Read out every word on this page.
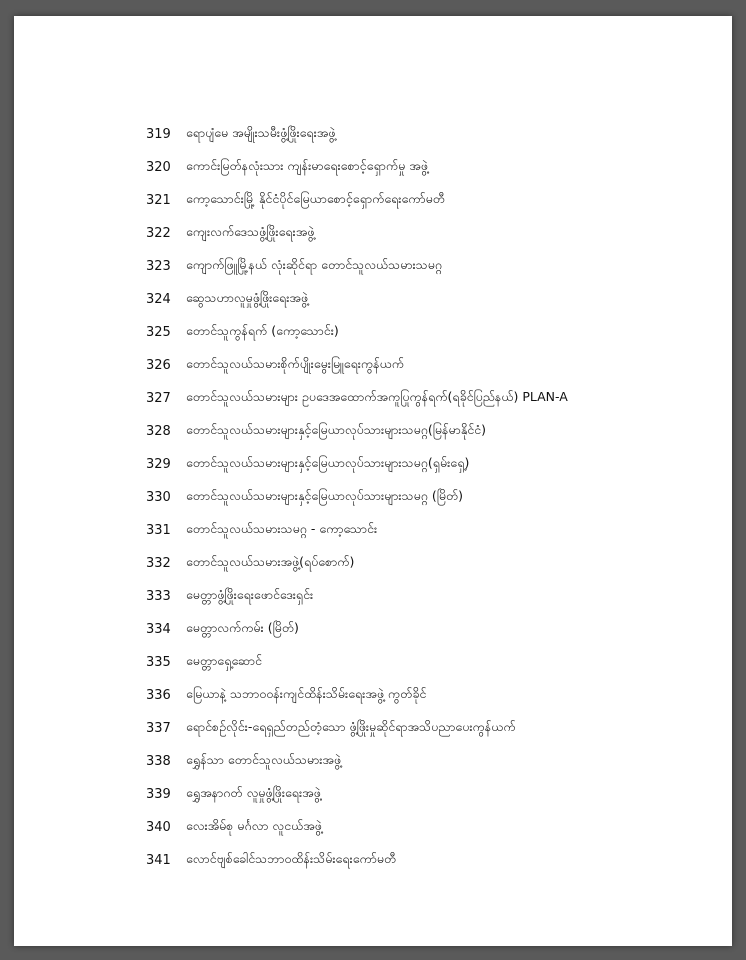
319	ရောပျံမေ အမျိုးသမီးဖွံ့ဖြိုးရေးအဖွဲ့
320	ကောင်းမြတ်နလုံးသား ကျန်းမာရေးစောင့်ရှောက်မှု အဖွဲ့
321	ကော့သောင်းမြို့ နိုင်ငံပိုင်မြေယာစောင့်ရှောက်ရေးကော်မတီ
322	ကျေးလက်ဒေသဖွံ့ဖြိုးရေးအဖွဲ့
323	ကျောက်ဖြူမြို့နယ် လုံးဆိုင်ရာ တောင်သူလယ်သမားသမဂ္ဂ
324	ဆွေသဟာလူမှုဖွံ့ဖြိုးရေးအဖွဲ့
325	တောင်သူကွန်ရက် (ကော့သောင်း)
326	တောင်သူလယ်သမားစိုက်ပျိုးမွေးမြူရေးကွန်ယက်
327	တောင်သူလယ်သမားများ ဥပဒေအထောက်အကူပြုကွန်ရက်(ရခိုင်ပြည်နယ်) PLAN-A
328	တောင်သူလယ်သမားများနှင့်မြေယာလုပ်သားများသမဂ္ဂ(မြန်မာနိုင်ငံ)
329	တောင်သူလယ်သမားများနှင့်မြေယာလုပ်သားများသမဂ္ဂ(ရှမ်းရှေ့)
330	တောင်သူလယ်သမားများနှင့်မြေယာလုပ်သားများသမဂ္ဂ (မြိတ်)
331	တောင်သူလယ်သမားသမဂ္ဂ - ကော့သောင်း
332	တောင်သူလယ်သမားအဖွဲ့(ရပ်စောက်)
333	မေတ္တာဖွံ့ဖြိုးရေးဖောင်ဒေးရှင်း
334	မေတ္တာလက်ကမ်း (မြိတ်)
335	မေတ္တာရှေ့ဆောင်
336	မြေယာနဲ့ သဘာဝဝန်းကျင်ထိန်းသိမ်းရေးအဖွဲ့ ကွတ်ခိုင်
337	ရောင်စဉ်လိုင်း-ရေရှည်တည်တံ့သော ဖွံ့ဖြိုးမှုဆိုင်ရာအသိပညာပေးကွန်ယက်
338	ရွှေန်သာ တောင်သူလယ်သမားအဖွဲ့
339	ရွှေအနာဂတ် လူမှုဖွံ့ဖြိုးရေးအဖွဲ့
340	လေးအိမ်စု မင်္ဂလာ လူငယ်အဖွဲ့
341	လောင်ဗျစ်ခေါင်သဘာဝထိန်းသိမ်းရေးကော်မတီ
